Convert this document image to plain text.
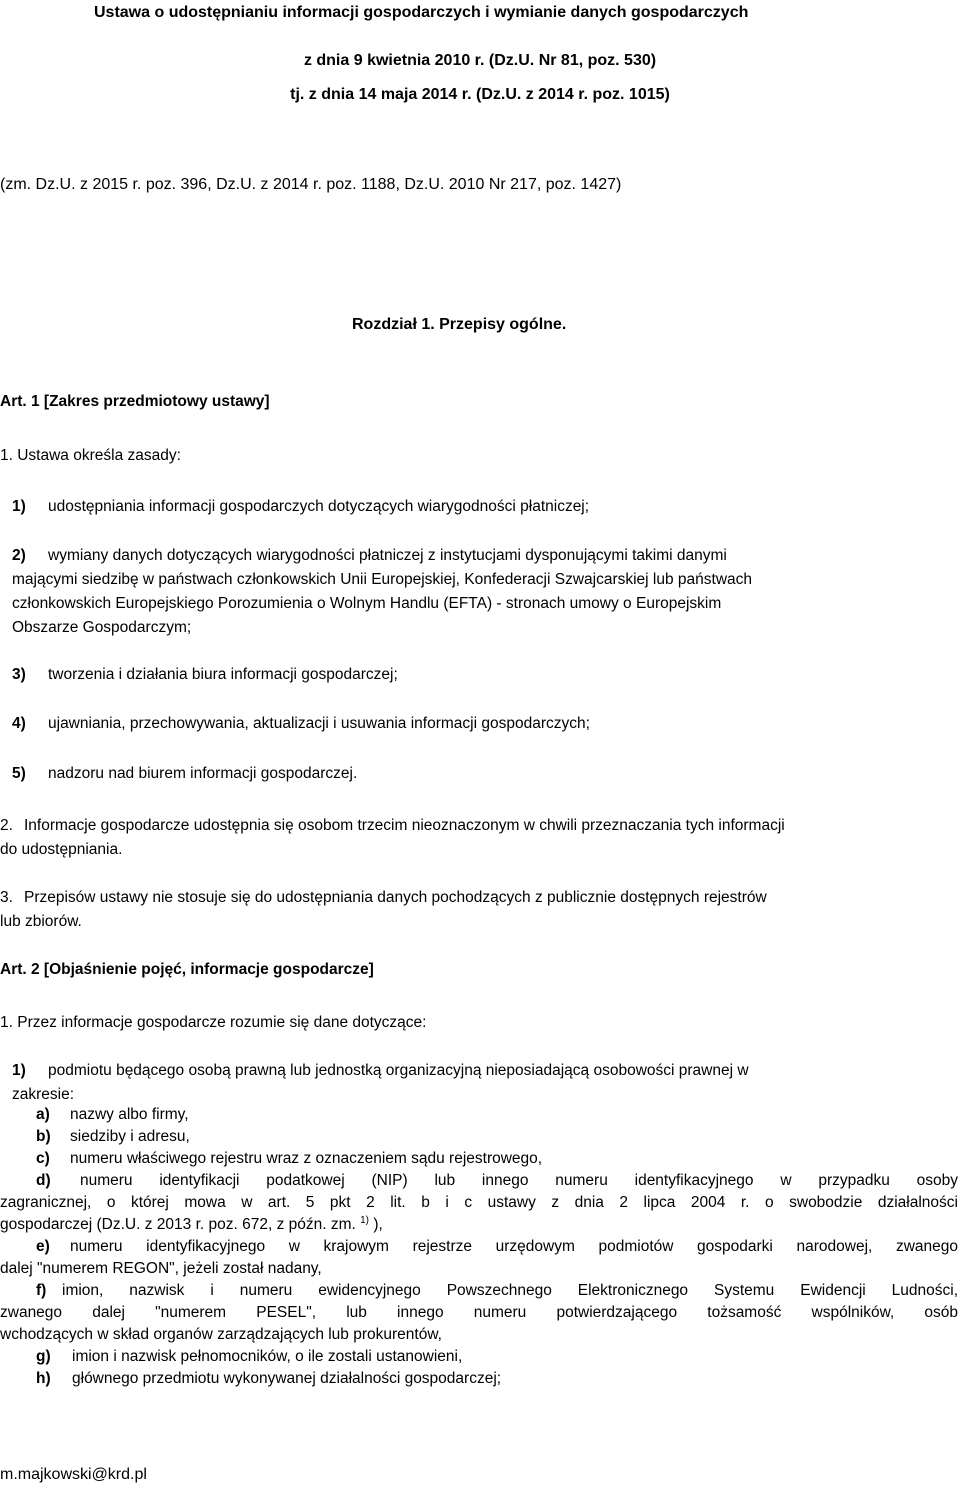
Ustawa o udostępnianiu informacji gospodarczych i wymianie danych gospodarczych
z dnia 9 kwietnia 2010 r. (Dz.U. Nr 81, poz. 530)
tj. z dnia 14 maja 2014 r. (Dz.U. z 2014 r. poz. 1015)
(zm. Dz.U. z 2015 r. poz. 396, Dz.U. z 2014 r. poz. 1188, Dz.U. 2010 Nr 217, poz. 1427)
Rozdział 1. Przepisy ogólne.
Art. 1 [Zakres przedmiotowy ustawy]
1. Ustawa określa zasady:
1) udostępniania informacji gospodarczych dotyczących wiarygodności płatniczej;
2) wymiany danych dotyczących wiarygodności płatniczej z instytucjami dysponującymi takimi danymi
mającymi siedzibę w państwach członkowskich Unii Europejskiej, Konfederacji Szwajcarskiej lub państwach
członkowskich Europejskiego Porozumienia o Wolnym Handlu (EFTA) - stronach umowy o Europejskim
Obszarze Gospodarczym;
3) tworzenia i działania biura informacji gospodarczej;
4) ujawniania, przechowywania, aktualizacji i usuwania informacji gospodarczych;
5) nadzoru nad biurem informacji gospodarczej.
2. Informacje gospodarcze udostępnia się osobom trzecim nieoznaczonym w chwili przeznaczania tych informacji
do udostępniania.
3. Przepisów ustawy nie stosuje się do udostępniania danych pochodzących z publicznie dostępnych rejestrów
lub zbiorów.
Art. 2 [Objaśnienie pojęć, informacje gospodarcze]
1. Przez informacje gospodarcze rozumie się dane dotyczące:
1) podmiotu będącego osobą prawną lub jednostką organizacyjną nieposiadającą osobowości prawnej w
zakresie:
a) nazwy albo firmy,
b) siedziby i adresu,
c) numeru właściwego rejestru wraz z oznaczeniem sądu rejestrowego,
d) numeru identyfikacji podatkowej (NIP) lub innego numeru identyfikacyjnego w przypadku osoby
zagranicznej, o której mowa w art. 5 pkt 2 lit. b i c ustawy z dnia 2 lipca 2004 r. o swobodzie działalności
gospodarczej (Dz.U. z 2013 r. poz. 672, z późn. zm. $^{1)}$ ),
e) numeru identyfikacyjnego w krajowym rejestrze urzędowym podmiotów gospodarki narodowej, zwanego
dalej "numerem REGON", jeżeli został nadany,
f) imion, nazwisk i numeru ewidencyjnego Powszechnego Elektronicznego Systemu Ewidencji Ludności,
zwanego dalej "numerem PESEL", lub innego numeru potwierdzającego tożsamość wspólników, osób
wchodzących w skład organów zarządzających lub prokurentów,
g) imion i nazwisk pełnomocników, o ile zostali ustanowieni,
h) głównego przedmiotu wykonywanej działalności gospodarczej;
m.majkowski@krd.pl
